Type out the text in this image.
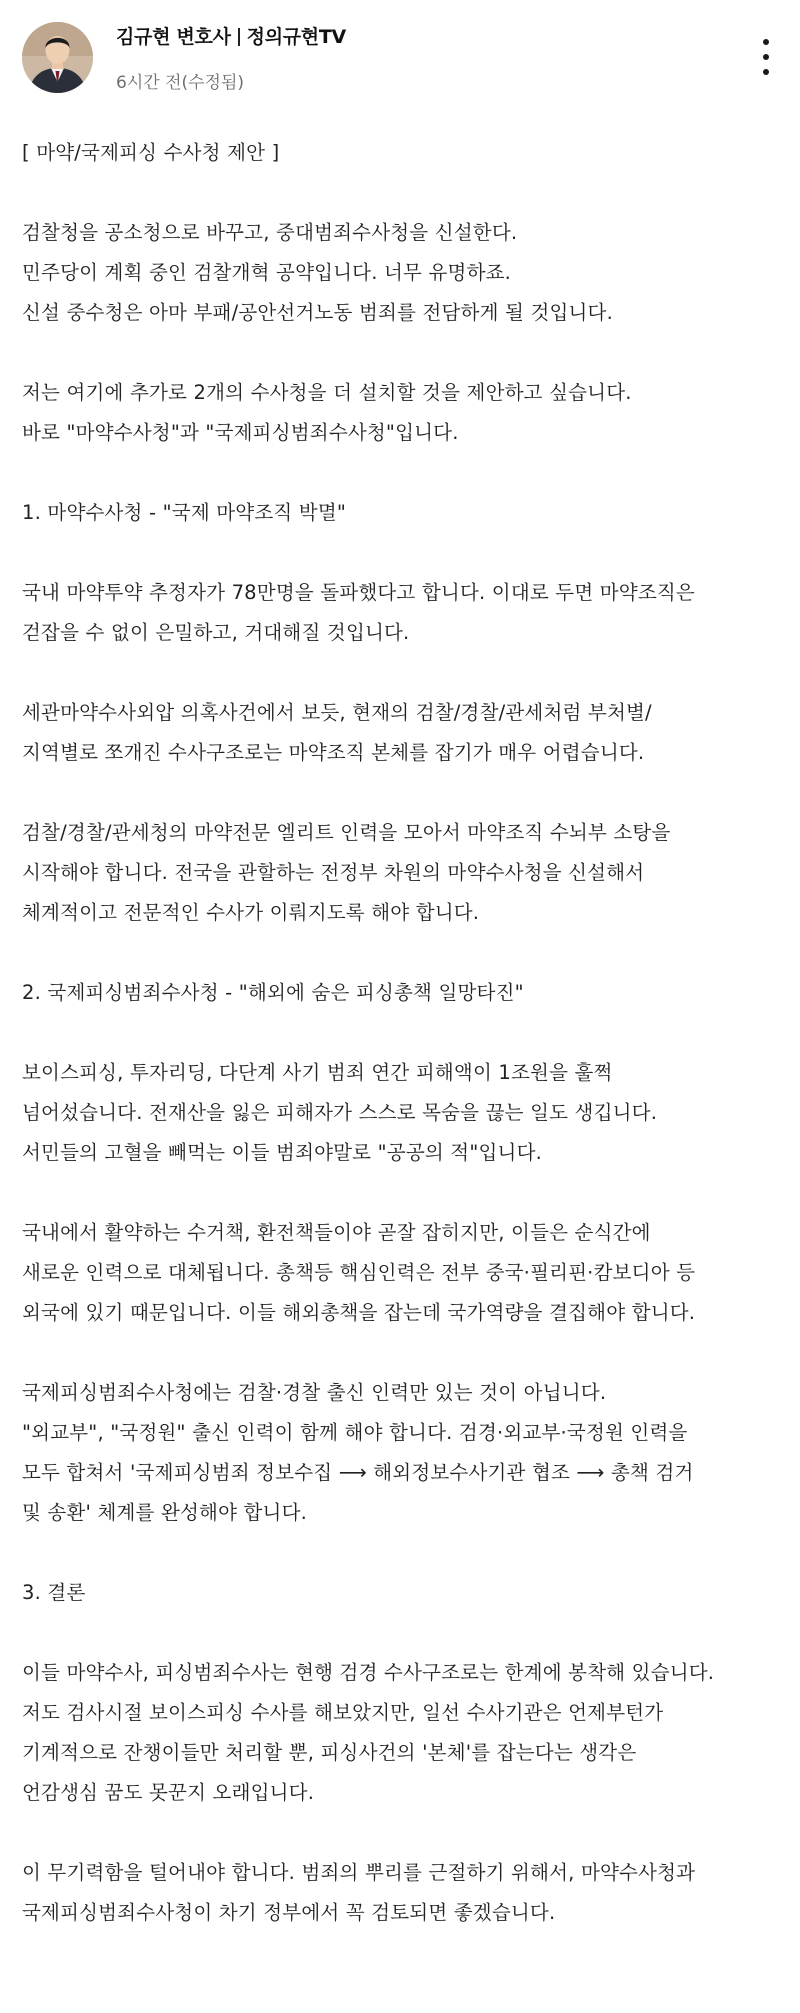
김규현 변호사 정의규현TV
6시간 전(수정됨)
[ 마약/국제피싱 수사청 제안 ]
검찰청을 공소청으로 바꾸고, 중대범죄수사청을 신설한다.
민주당이 계획 중인 검찰개혁 공약입니다. 너무 유명하죠.
신설 중수청은 아마 부패/공안선거노동 범죄를 전담하게 될 것입니다.
저는 여기에 추가로 2개의 수사청을 더 설치할 것을 제안하고 싶습니다.
바로 "마약수사청"과 "국제피싱범죄수사청"입니다.
1. 마약수사청 - "국제 마약조직 박멸"
국내 마약투약 추정자가 78만명을 돌파했다고 합니다. 이대로 두면 마약조직은
걷잡을 수 없이 은밀하고, 거대해질 것입니다.
세관마약수사외압 의혹사건에서 보듯, 현재의 검찰/경찰/관세처럼 부처별/
지역별로 쪼개진 수사구조로는 마약조직 본체를 잡기가 매우 어렵습니다.
검찰/경찰/관세청의 마약전문 엘리트 인력을 모아서 마약조직 수뇌부 소탕을
시작해야 합니다. 전국을 관할하는 전정부 차원의 마약수사청을 신설해서
체계적이고 전문적인 수사가 이뤄지도록 해야 합니다.
2. 국제피싱범죄수사청 - "해외에 숨은 피싱총책 일망타진"
보이스피싱, 투자리딩, 다단계 사기 범죄 연간 피해액이 1조원을 훌쩍
넘어섰습니다. 전재산을 잃은 피해자가 스스로 목숨을 끊는 일도 생깁니다.
서민들의 고혈을 빼먹는 이들 범죄야말로 "공공의 적"입니다.
국내에서 활약하는 수거책, 환전책들이야 곧잘 잡히지만, 이들은 순식간에
새로운 인력으로 대체됩니다. 총책등 핵심인력은 전부 중국·필리핀·캄보디아 등
외국에 있기 때문입니다. 이들 해외총책을 잡는데 국가역량을 결집해야 합니다.
국제피싱범죄수사청에는 검찰·경찰 출신 인력만 있는 것이 아닙니다.
"외교부", "국정원" 출신 인력이 함께 해야 합니다. 검경·외교부·국정원 인력을
모두 합쳐서 '국제피싱범죄 정보수집 ⟶ 해외정보수사기관 협조 ⟶ 총책 검거
및 송환' 체계를 완성해야 합니다.
3. 결론
이들 마약수사, 피싱범죄수사는 현행 검경 수사구조로는 한계에 봉착해 있습니다.
저도 검사시절 보이스피싱 수사를 해보았지만, 일선 수사기관은 언제부턴가
기계적으로 잔챙이들만 처리할 뿐, 피싱사건의 '본체'를 잡는다는 생각은
언감생심 꿈도 못꾼지 오래입니다.
이 무기력함을 털어내야 합니다. 범죄의 뿌리를 근절하기 위해서, 마약수사청과
국제피싱범죄수사청이 차기 정부에서 꼭 검토되면 좋겠습니다.
